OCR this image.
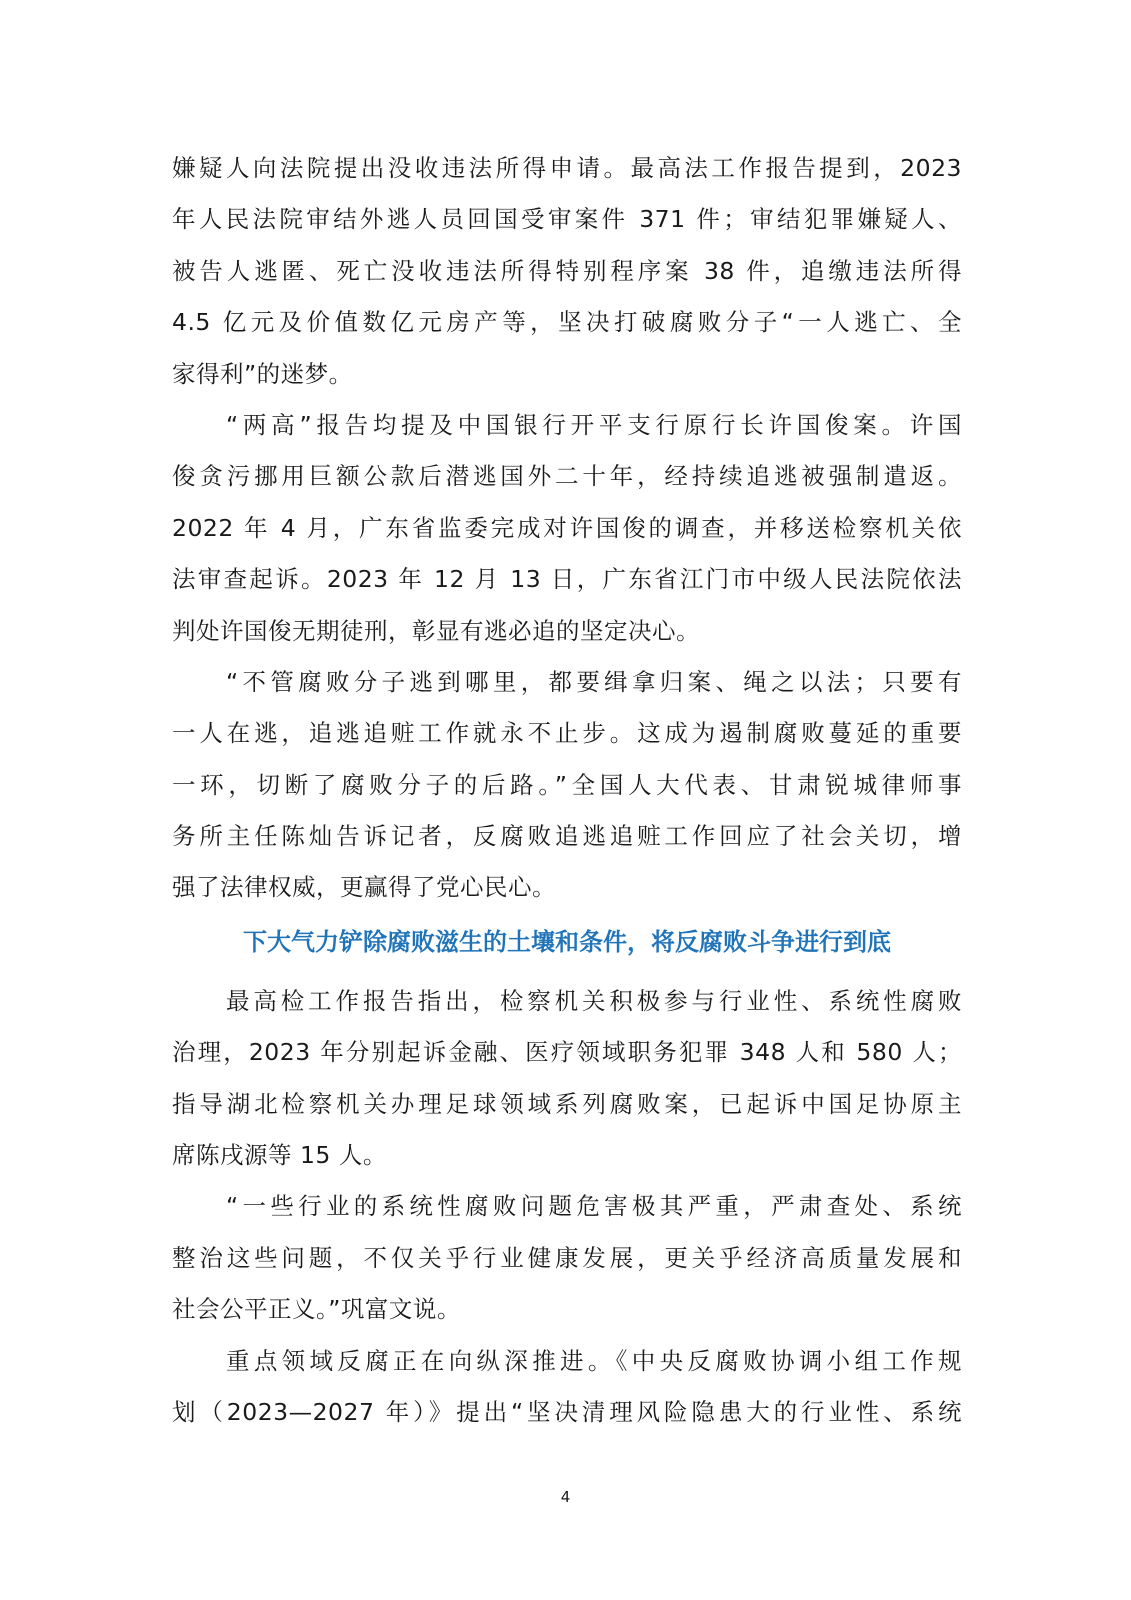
嫌疑人向法院提出没收违法所得申请。最高法工作报告提到，2023
年人民法院审结外逃人员回国受审案件 371 件；审结犯罪嫌疑人、
被告人逃匿、死亡没收违法所得特别程序案 38 件，追缴违法所得
4.5 亿元及价值数亿元房产等，坚决打破腐败分子“一人逃亡、全
家得利”的迷梦。
“两高”报告均提及中国银行开平支行原行长许国俊案。许国
俊贪污挪用巨额公款后潜逃国外二十年，经持续追逃被强制遣返。
2022 年 4 月，广东省监委完成对许国俊的调查，并移送检察机关依
法审查起诉。2023 年 12 月 13 日，广东省江门市中级人民法院依法
判处许国俊无期徒刑，彰显有逃必追的坚定决心。
“不管腐败分子逃到哪里，都要缉拿归案、绳之以法；只要有
一人在逃，追逃追赃工作就永不止步。这成为遏制腐败蔓延的重要
一环，切断了腐败分子的后路。”全国人大代表、甘肃锐城律师事
务所主任陈灿告诉记者，反腐败追逃追赃工作回应了社会关切，增
强了法律权威，更赢得了党心民心。
下大气力铲除腐败滋生的土壤和条件，将反腐败斗争进行到底
最高检工作报告指出，检察机关积极参与行业性、系统性腐败
治理，2023 年分别起诉金融、医疗领域职务犯罪 348 人和 580 人；
指导湖北检察机关办理足球领域系列腐败案，已起诉中国足协原主
席陈戌源等 15 人。
“一些行业的系统性腐败问题危害极其严重，严肃查处、系统
整治这些问题，不仅关乎行业健康发展，更关乎经济高质量发展和
社会公平正义。”巩富文说。
重点领域反腐正在向纵深推进。《中央反腐败协调小组工作规
划（2023—2027 年）》提出“坚决清理风险隐患大的行业性、系统
4
